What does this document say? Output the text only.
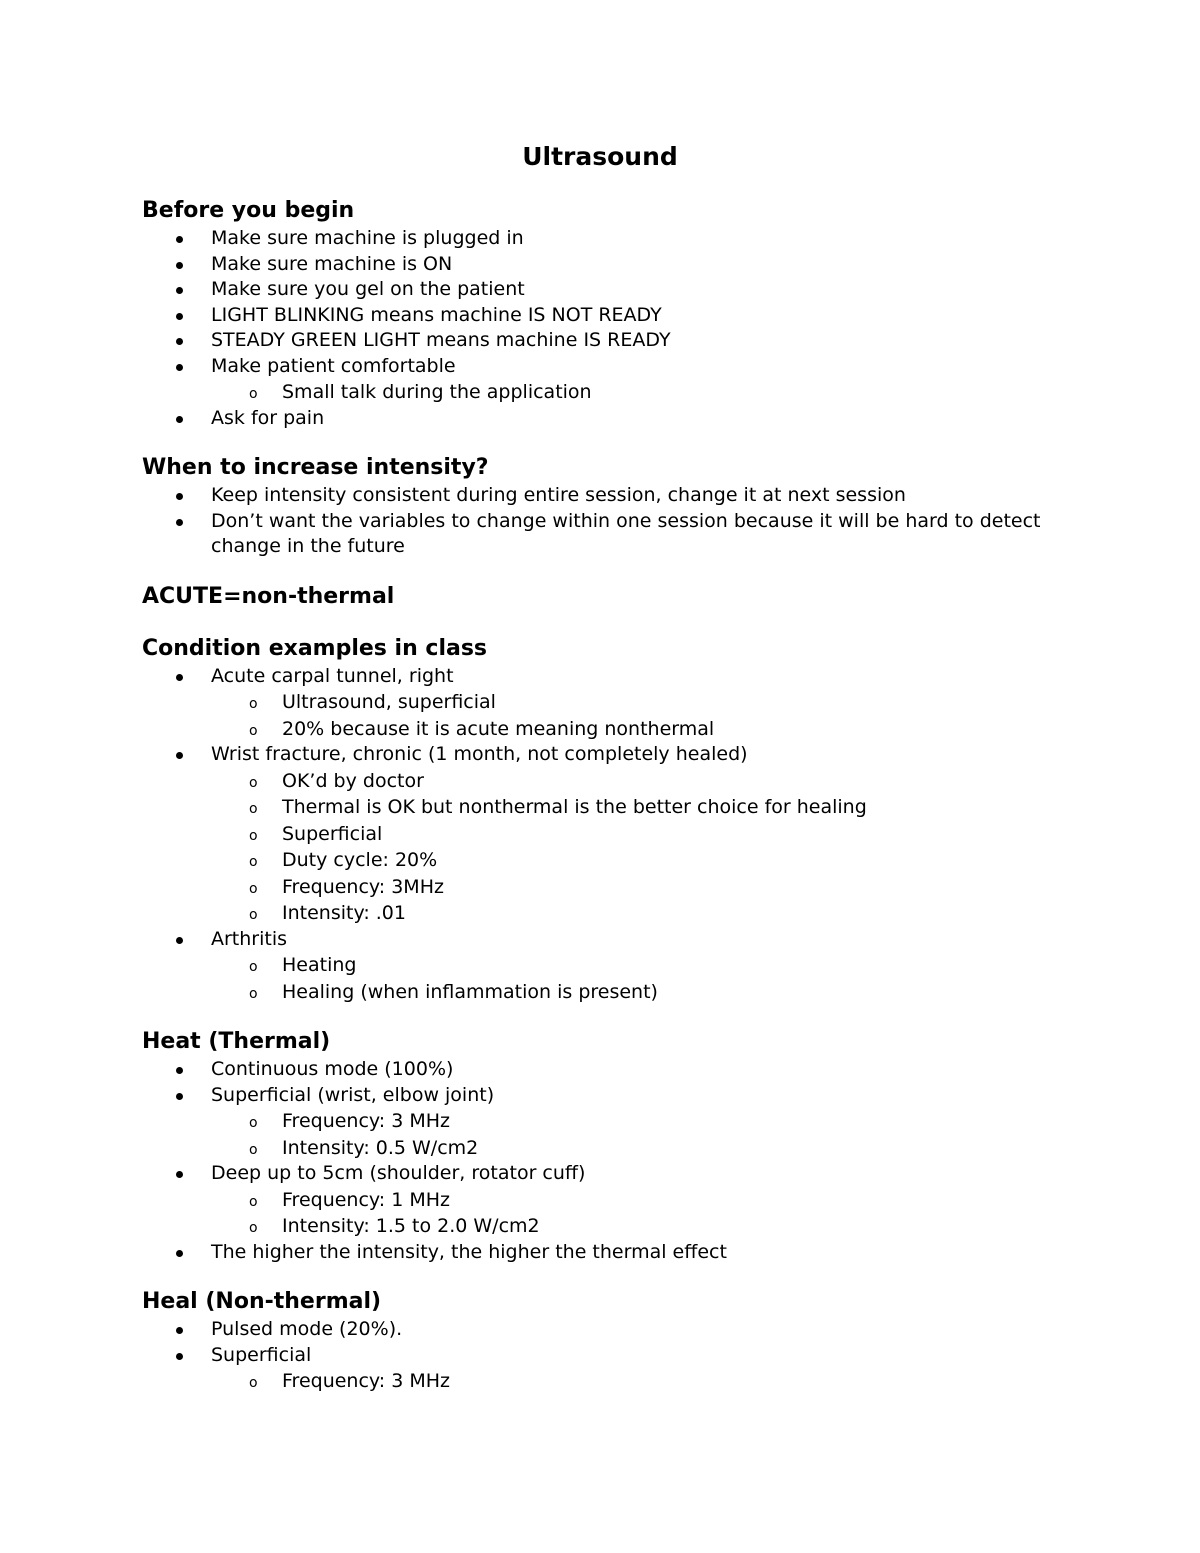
Ultrasound
Before you begin
Make sure machine is plugged in
Make sure machine is ON
Make sure you gel on the patient
LIGHT BLINKING means machine IS NOT READY
STEADY GREEN LIGHT means machine IS READY
Make patient comfortable
o Small talk during the application
Ask for pain
When to increase intensity?
Keep intensity consistent during entire session, change it at next session
Don’t want the variables to change within one session because it will be hard to detect change in the future
ACUTE=non-thermal
Condition examples in class
Acute carpal tunnel, right
o Ultrasound, superficial
o 20% because it is acute meaning nonthermal
Wrist fracture, chronic (1 month, not completely healed)
o OK’d by doctor
o Thermal is OK but nonthermal is the better choice for healing
o Superficial
o Duty cycle: 20%
o Frequency: 3MHz
o Intensity: .01
Arthritis
o Heating
o Healing (when inflammation is present)
Heat (Thermal)
Continuous mode (100%)
Superficial (wrist, elbow joint)
o Frequency: 3 MHz
o Intensity: 0.5 W/cm2
Deep up to 5cm (shoulder, rotator cuff)
o Frequency: 1 MHz
o Intensity: 1.5 to 2.0 W/cm2
The higher the intensity, the higher the thermal effect
Heal (Non-thermal)
Pulsed mode (20%).
Superficial
o Frequency: 3 MHz
